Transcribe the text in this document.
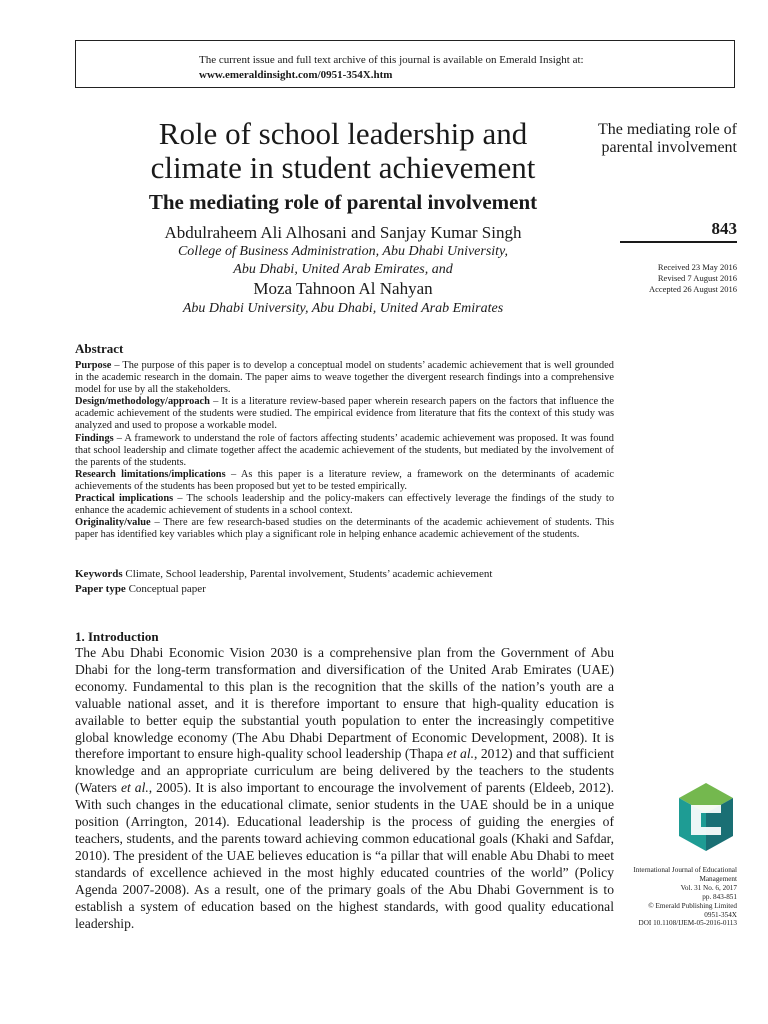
The current issue and full text archive of this journal is available on Emerald Insight at:
www.emeraldinsight.com/0951-354X.htm
Role of school leadership and
climate in student achievement
The mediating role of parental involvement
Abdulraheem Ali Alhosani and Sanjay Kumar Singh
College of Business Administration, Abu Dhabi University,
Abu Dhabi, United Arab Emirates, and
Moza Tahnoon Al Nahyan
Abu Dhabi University, Abu Dhabi, United Arab Emirates
The mediating role of parental involvement
843
Received 23 May 2016
Revised 7 August 2016
Accepted 26 August 2016
Abstract

Purpose – The purpose of this paper is to develop a conceptual model on students’ academic achievement that is well grounded in the academic research in the domain. The paper aims to weave together the divergent research findings into a comprehensive model for use by all the stakeholders.

Design/methodology/approach – It is a literature review-based paper wherein research papers on the factors that influence the academic achievement of the students were studied. The empirical evidence from literature that fits the context of this study was analyzed and used to propose a workable model.

Findings – A framework to understand the role of factors affecting students’ academic achievement was proposed. It was found that school leadership and climate together affect the academic achievement of the students, but mediated by the involvement of the parents of the students.

Research limitations/implications – As this paper is a literature review, a framework on the determinants of academic achievements of the students has been proposed but yet to be tested empirically.

Practical implications – The schools leadership and the policy-makers can effectively leverage the findings of the study to enhance the academic achievement of students in a school context.

Originality/value – There are few research-based studies on the determinants of the academic achievement of students. This paper has identified key variables which play a significant role in helping enhance academic achievement of the students.

Keywords Climate, School leadership, Parental involvement, Students’ academic achievement
Paper type Conceptual paper
1. Introduction

The Abu Dhabi Economic Vision 2030 is a comprehensive plan from the Government of Abu Dhabi for the long-term transformation and diversification of the United Arab Emirates (UAE) economy. Fundamental to this plan is the recognition that the skills of the nation’s youth are a valuable national asset, and it is therefore important to ensure that high-quality education is available to better equip the substantial youth population to enter the increasingly competitive global knowledge economy (The Abu Dhabi Department of Economic Development, 2008). It is therefore important to ensure high-quality school leadership (Thapa et al., 2012) and that sufficient knowledge and an appropriate curriculum are being delivered by the teachers to the students (Waters et al., 2005). It is also important to encourage the involvement of parents (Eldeeb, 2012). With such changes in the educational climate, senior students in the UAE should be in a unique position (Arrington, 2014). Educational leadership is the process of guiding the energies of teachers, students, and the parents toward achieving common educational goals (Khaki and Safdar, 2010). The president of the UAE believes education is “a pillar that will enable Abu Dhabi to meet standards of excellence achieved in the most highly educated countries of the world” (Policy Agenda 2007-2008). As a result, one of the primary goals of the Abu Dhabi Government is to establish a system of education based on the highest standards, with good quality educational leadership.

International Journal of Educational Management
Vol. 31 No. 6, 2017
pp. 843-851
© Emerald Publishing Limited
0951-354X
DOI 10.1108/IJEM-05-2016-0113
